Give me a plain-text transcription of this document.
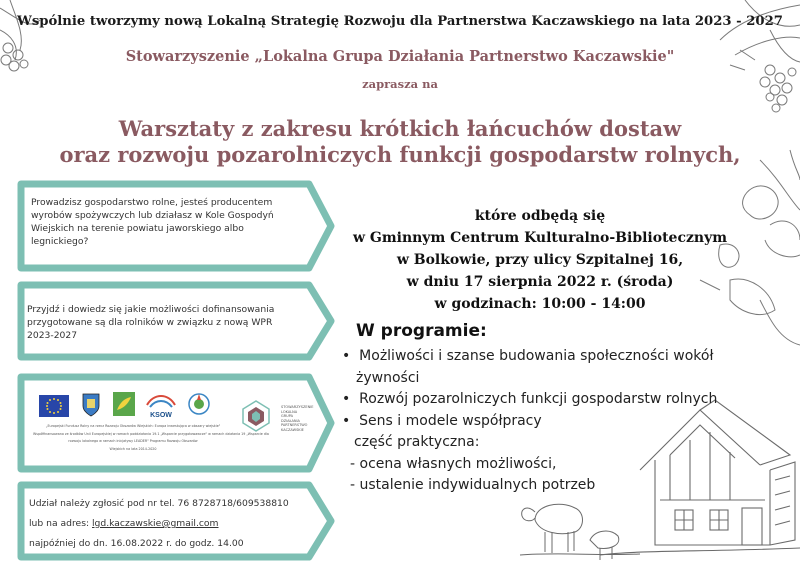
Wspólnie tworzymy nową Lokalną Strategię Rozwoju dla Partnerstwa Kaczawskiego na lata 2023 - 2027
Stowarzyszenie „Lokalna Grupa Działania Partnerstwo Kaczawskie"
zaprasza na
Warsztaty z zakresu krótkich łańcuchów dostaw
oraz rozwoju pozarolniczych funkcji gospodarstw rolnych,
Prowadzisz gospodarstwo rolne, jesteś producentem
wyrobów spożywczych lub działasz w Kole Gospodyń
Wiejskich na terenie powiatu jaworskiego albo
legnickiego?
Przyjdź i dowiedz się jakie możliwości dofinansowania
przygotowane są dla rolników w związku z nową WPR
2023-2027
KSOW
STOWARZYSZENIE LOKALNA GRUPA DZIAŁANIA PARTNERSTWO KACZAWSKIE
„Europejski Fundusz Rolny na rzecz Rozwoju Obszarów Wiejskich: Europa inwestująca w obszary wiejskie"
Współfinansowano ze środków Unii Europejskiej w ramach poddziałania 19.1 „Wsparcie przygotowawcze" w ramach działania 19 „Wsparcie dla
rozwoju lokalnego w ramach inicjatywy LEADER" Programu Rozwoju Obszarów
Wiejskich na lata 2014-2020
Udział należy zgłosić pod nr tel. 76 8728718/609538810
lub na adres: lgd.kaczawskie@gmail.com
najpóźniej do dn. 16.08.2022 r. do godz. 14.00
które odbędą się
w Gminnym Centrum Kulturalno-Bibliotecznym
w Bolkowie, przy ulicy Szpitalnej 16,
w dniu 17 sierpnia 2022 r. (środa)
w godzinach: 10:00 - 14:00
W programie:
• Możliwości i szanse budowania społeczności wokół
żywności
• Rozwój pozarolniczych funkcji gospodarstw rolnych
• Sens i modele współpracy
część praktyczna:
- ocena własnych możliwości,
- ustalenie indywidualnych potrzeb
